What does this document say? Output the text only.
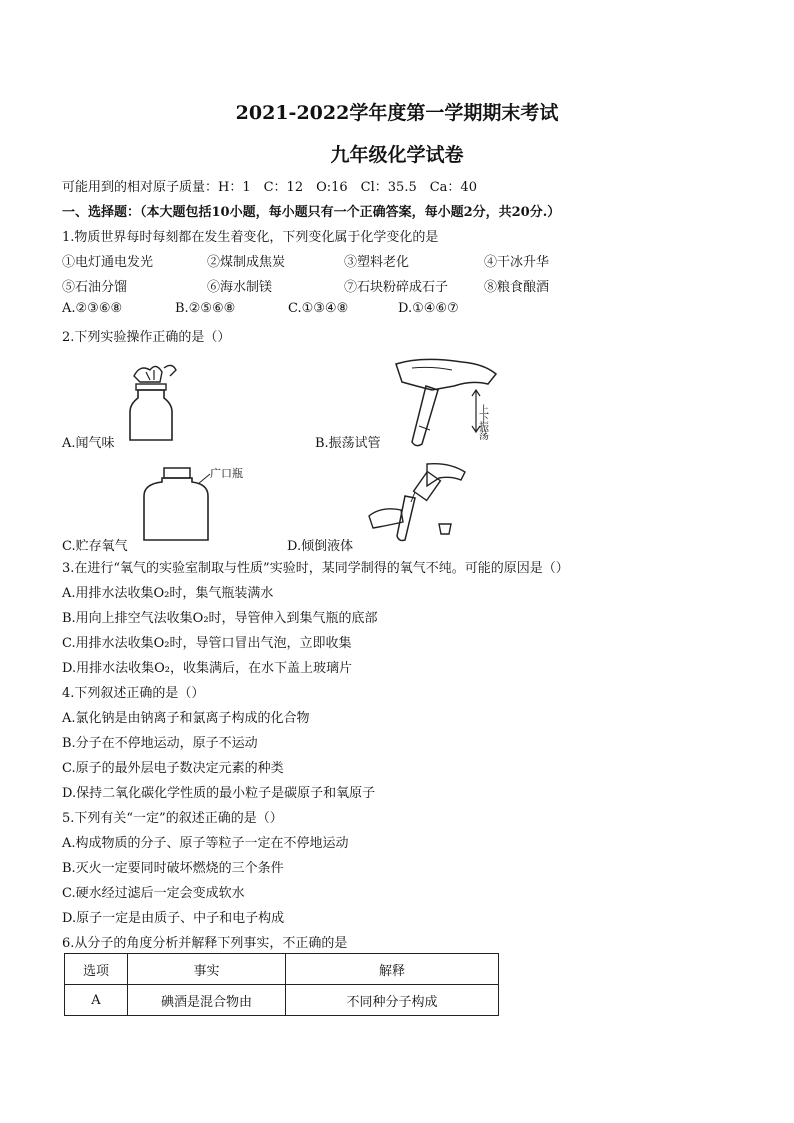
2021-2022学年度第一学期期末考试
九年级化学试卷
可能用到的相对原子质量：H：1　C：12　O:16　Cl：35.5　Ca：40
一、选择题：（本大题包括10小题，每小题只有一个正确答案，每小题2分，共20分.）
1.物质世界每时每刻都在发生着变化，下列变化属于化学变化的是
①电灯通电发光	②煤制成焦炭	③塑料老化	④干冰升华
⑤石油分馏	⑥海水制镁	⑦石块粉碎成石子	⑧粮食酿酒
A.②③⑥⑧	B.②⑤⑥⑧	C.①③④⑧	D.①④⑥⑦
2.下列实验操作正确的是（）
A.闻气味
上下振荡
B.振荡试管
广口瓶
C.贮存氧气	D.倾倒液体
3.在进行“氧气的实验室制取与性质”实验时，某同学制得的氧气不纯。可能的原因是（）
A.用排水法收集O₂时，集气瓶装满水
B.用向上排空气法收集O₂时，导管伸入到集气瓶的底部
C.用排水法收集O₂时，导管口冒出气泡，立即收集
D.用排水法收集O₂，收集满后，在水下盖上玻璃片
4.下列叙述正确的是（）
A.氯化钠是由钠离子和氯离子构成的化合物
B.分子在不停地运动，原子不运动
C.原子的最外层电子数决定元素的种类
D.保持二氧化碳化学性质的最小粒子是碳原子和氧原子
5.下列有关“一定”的叙述正确的是（）
A.构成物质的分子、原子等粒子一定在不停地运动
B.灭火一定要同时破坏燃烧的三个条件
C.硬水经过滤后一定会变成软水
D.原子一定是由质子、中子和电子构成
6.从分子的角度分析并解释下列事实，不正确的是
选项	事实	解释
A	碘酒是混合物由	不同种分子构成
